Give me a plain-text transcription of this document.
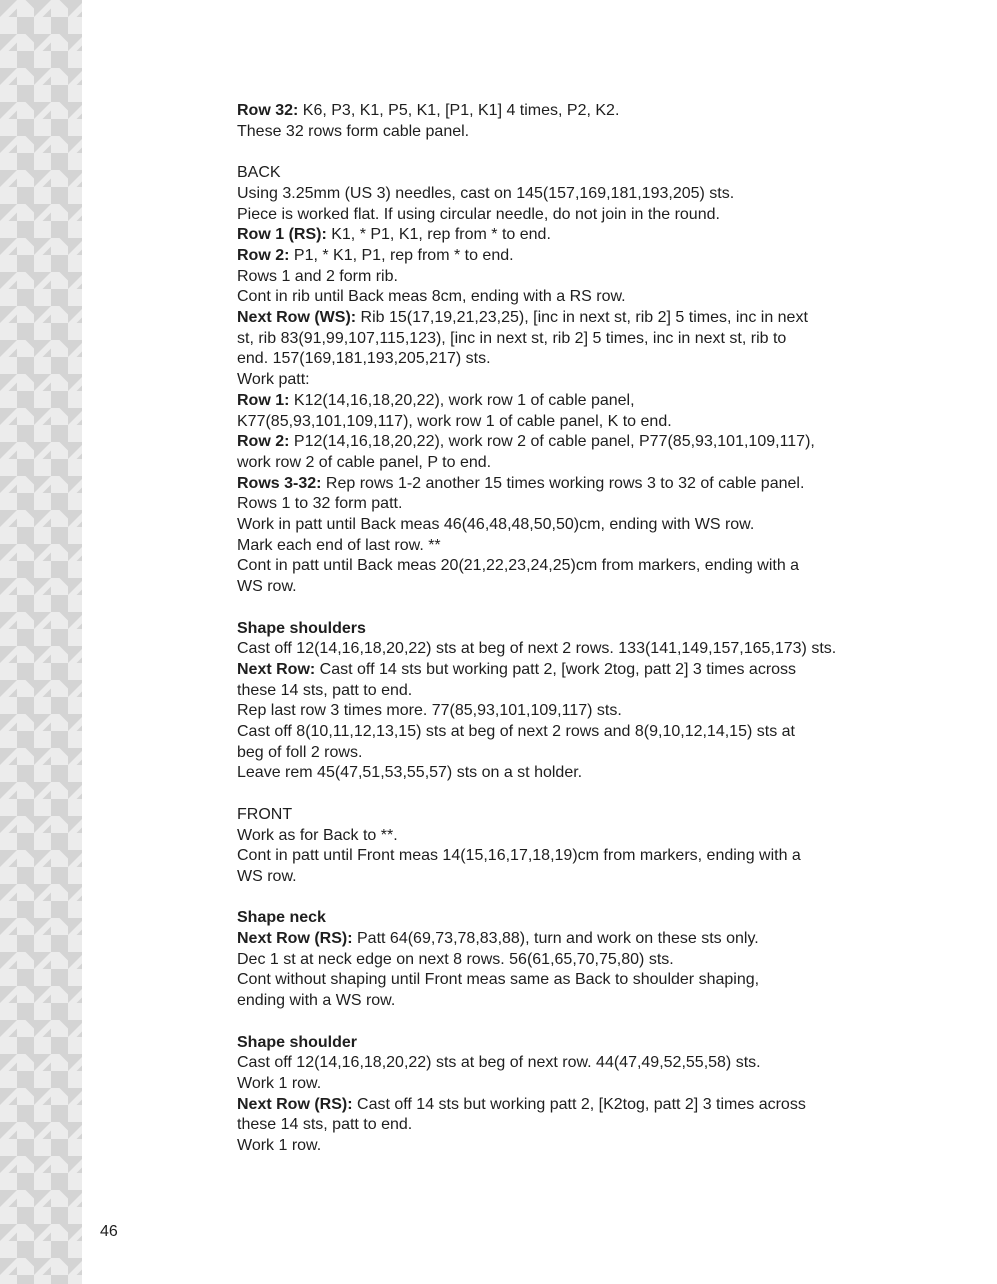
Row 32: K6, P3, K1, P5, K1, [P1, K1] 4 times, P2, K2.

These 32 rows form cable panel.

BACK

Using 3.25mm (US 3) needles, cast on 145(157,169,181,193,205) sts.

Piece is worked flat. If using circular needle, do not join in the round.

Row 1 (RS): K1, * P1, K1, rep from * to end.

Row 2: P1, * K1, P1, rep from * to end.

Rows 1 and 2 form rib.

Cont in rib until Back meas 8cm, ending with a RS row.

Next Row (WS): Rib 15(17,19,21,23,25), [inc in next st, rib 2] 5 times, inc in next

st, rib 83(91,99,107,115,123), [inc in next st, rib 2] 5 times, inc in next st, rib to

end. 157(169,181,193,205,217) sts.

Work patt:

Row 1: K12(14,16,18,20,22), work row 1 of cable panel,

K77(85,93,101,109,117), work row 1 of cable panel, K to end.

Row 2: P12(14,16,18,20,22), work row 2 of cable panel, P77(85,93,101,109,117),

work row 2 of cable panel, P to end.

Rows 3-32: Rep rows 1-2 another 15 times working rows 3 to 32 of cable panel.

Rows 1 to 32 form patt.

Work in patt until Back meas 46(46,48,48,50,50)cm, ending with WS row.

Mark each end of last row. **

Cont in patt until Back meas 20(21,22,23,24,25)cm from markers, ending with a

WS row.

Shape shoulders

Cast off 12(14,16,18,20,22) sts at beg of next 2 rows. 133(141,149,157,165,173) sts.

Next Row: Cast off 14 sts but working patt 2, [work 2tog, patt 2] 3 times across

these 14 sts, patt to end.

Rep last row 3 times more. 77(85,93,101,109,117) sts.

Cast off 8(10,11,12,13,15) sts at beg of next 2 rows and 8(9,10,12,14,15) sts at

beg of foll 2 rows.

Leave rem 45(47,51,53,55,57) sts on a st holder.

FRONT

Work as for Back to **.

Cont in patt until Front meas 14(15,16,17,18,19)cm from markers, ending with a

WS row.

Shape neck

Next Row (RS): Patt 64(69,73,78,83,88), turn and work on these sts only.

Dec 1 st at neck edge on next 8 rows. 56(61,65,70,75,80) sts.

Cont without shaping until Front meas same as Back to shoulder shaping,

ending with a WS row.

Shape shoulder

Cast off 12(14,16,18,20,22) sts at beg of next row. 44(47,49,52,55,58) sts.

Work 1 row.

Next Row (RS): Cast off 14 sts but working patt 2, [K2tog, patt 2] 3 times across

these 14 sts, patt to end.

Work 1 row.

46
